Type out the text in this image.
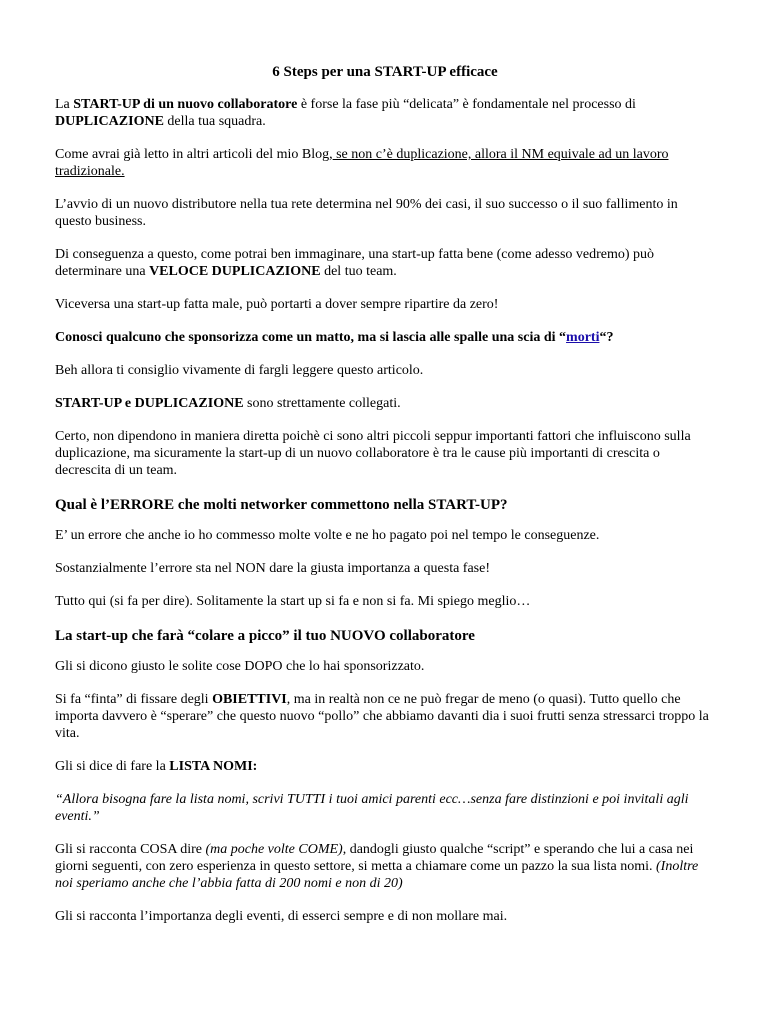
6 Steps per una START-UP efficace

La START-UP di un nuovo collaboratore è forse la fase più “delicata” è fondamentale nel processo di DUPLICAZIONE della tua squadra.

Come avrai già letto in altri articoli del mio Blog, se non c’è duplicazione, allora il NM equivale ad un lavoro tradizionale.

L’avvio di un nuovo distributore nella tua rete determina nel 90% dei casi, il suo successo o il suo fallimento in questo business.

Di conseguenza a questo, come potrai ben immaginare, una start-up fatta bene (come adesso vedremo) può determinare una VELOCE DUPLICAZIONE del tuo team.

Viceversa una start-up fatta male, può portarti a dover sempre ripartire da zero!

Conosci qualcuno che sponsorizza come un matto, ma si lascia alle spalle una scia di “morti“?

Beh allora ti consiglio vivamente di fargli leggere questo articolo.

START-UP e DUPLICAZIONE sono strettamente collegati.

Certo, non dipendono in maniera diretta poichè ci sono altri piccoli seppur importanti fattori che influiscono sulla duplicazione, ma sicuramente la start-up di un nuovo collaboratore è tra le cause più importanti di crescita o decrescita di un team.

Qual è l’ERRORE che molti networker commettono nella START-UP?

E’ un errore che anche io ho commesso molte volte e ne ho pagato poi nel tempo le conseguenze.

Sostanzialmente l’errore sta nel NON dare la giusta importanza a questa fase!

Tutto qui (si fa per dire). Solitamente la start up si fa e non si fa. Mi spiego meglio…

La start-up che farà “colare a picco” il tuo NUOVO collaboratore

Gli si dicono giusto le solite cose DOPO che lo hai sponsorizzato.

Si fa “finta” di fissare degli OBIETTIVI, ma in realtà non ce ne può fregar de meno (o quasi). Tutto quello che importa davvero è “sperare” che questo nuovo “pollo” che abbiamo davanti dia i suoi frutti senza stressarci troppo la vita.

Gli si dice di fare la LISTA NOMI:

“Allora bisogna fare la lista nomi, scrivi TUTTI i tuoi amici parenti ecc…senza fare distinzioni e poi invitali agli eventi.”

Gli si racconta COSA dire (ma poche volte COME), dandogli giusto qualche “script” e sperando che lui a casa nei giorni seguenti, con zero esperienza in questo settore, si metta a chiamare come un pazzo la sua lista nomi. (Inoltre noi speriamo anche che l’abbia fatta di 200 nomi e non di 20)

Gli si racconta l’importanza degli eventi, di esserci sempre e di non mollare mai.
